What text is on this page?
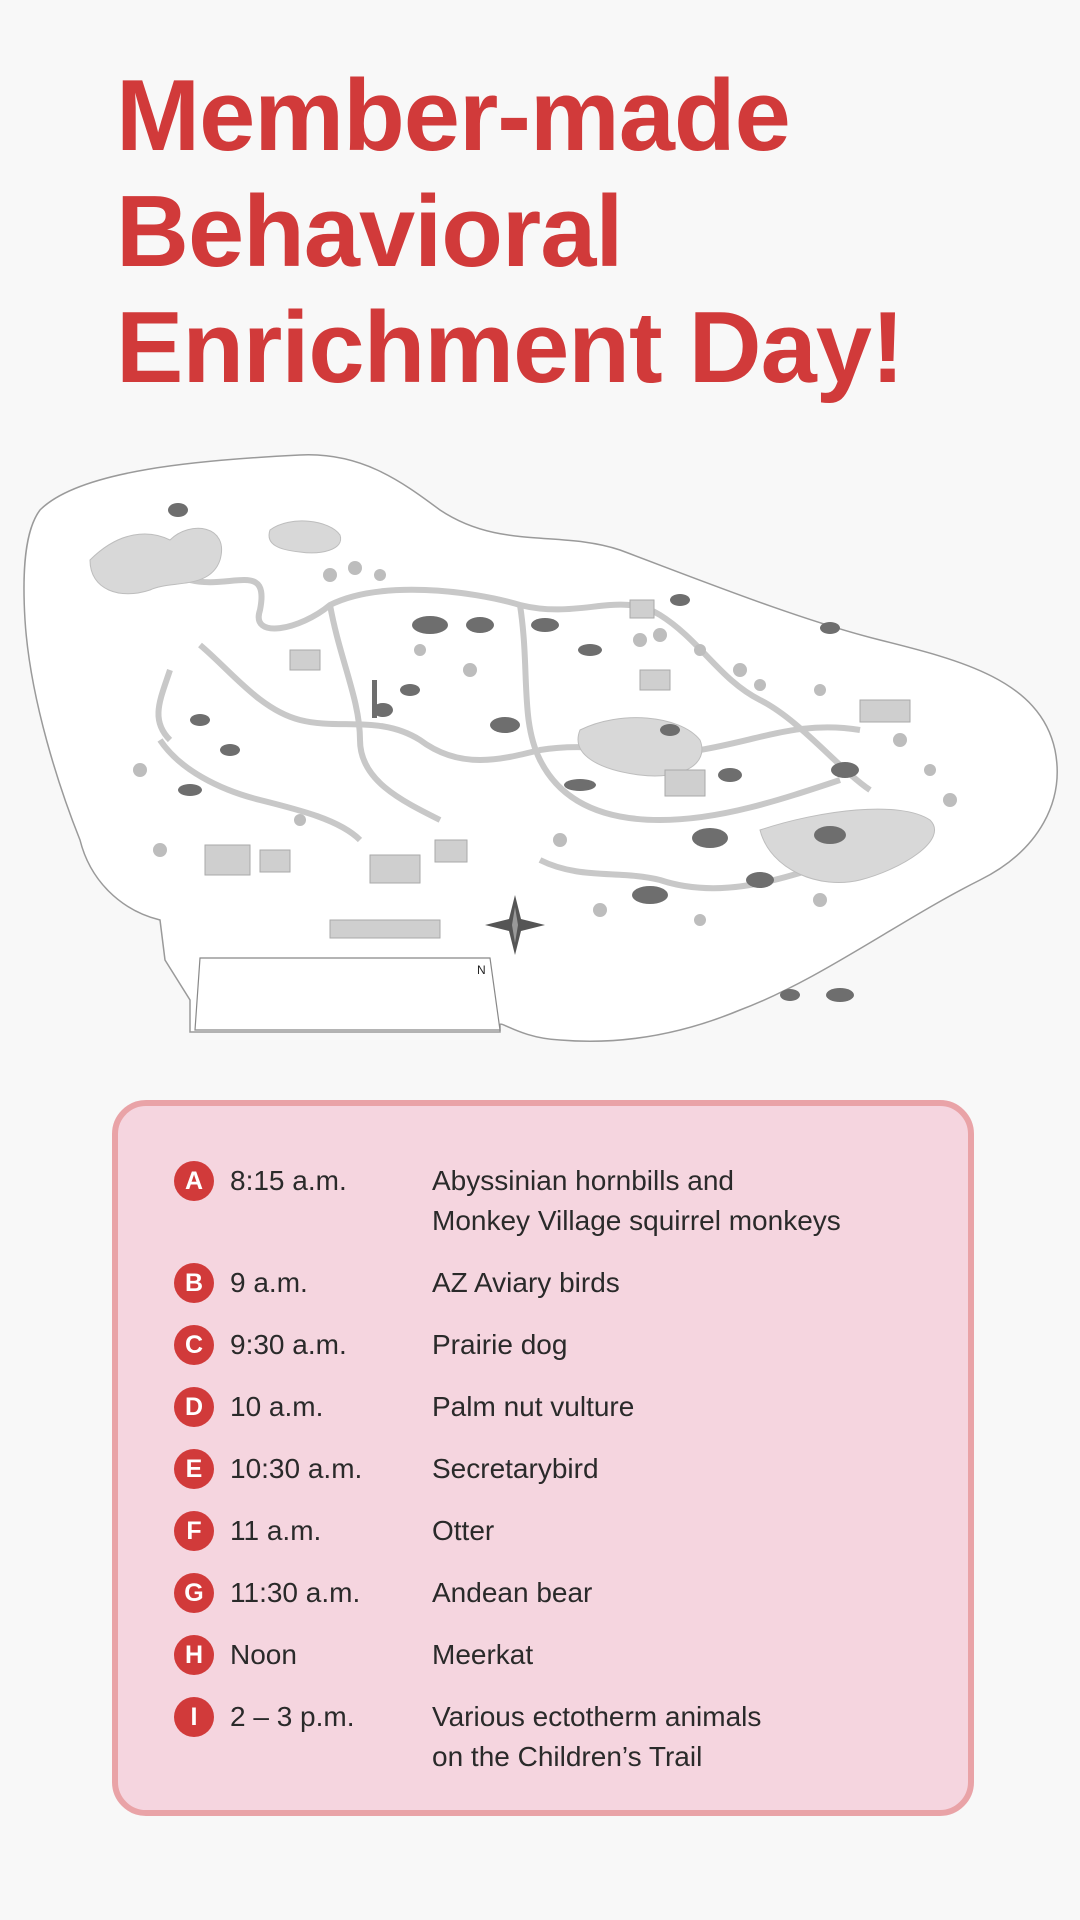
Member-made
Behavioral
Enrichment Day!
N
A 8:15 a.m.	Abyssinian hornbills and
Monkey Village squirrel monkeys
B 9 a.m.	AZ Aviary birds
C 9:30 a.m.	Prairie dog
D 10 a.m.	Palm nut vulture
E 10:30 a.m. Secretarybird
F	11 a.m.	Otter
G 11:30 a.m.	Andean bear
H Noon	Meerkat
I	2 – 3 p.m.	Various ectotherm animals
on the Children’s Trail
